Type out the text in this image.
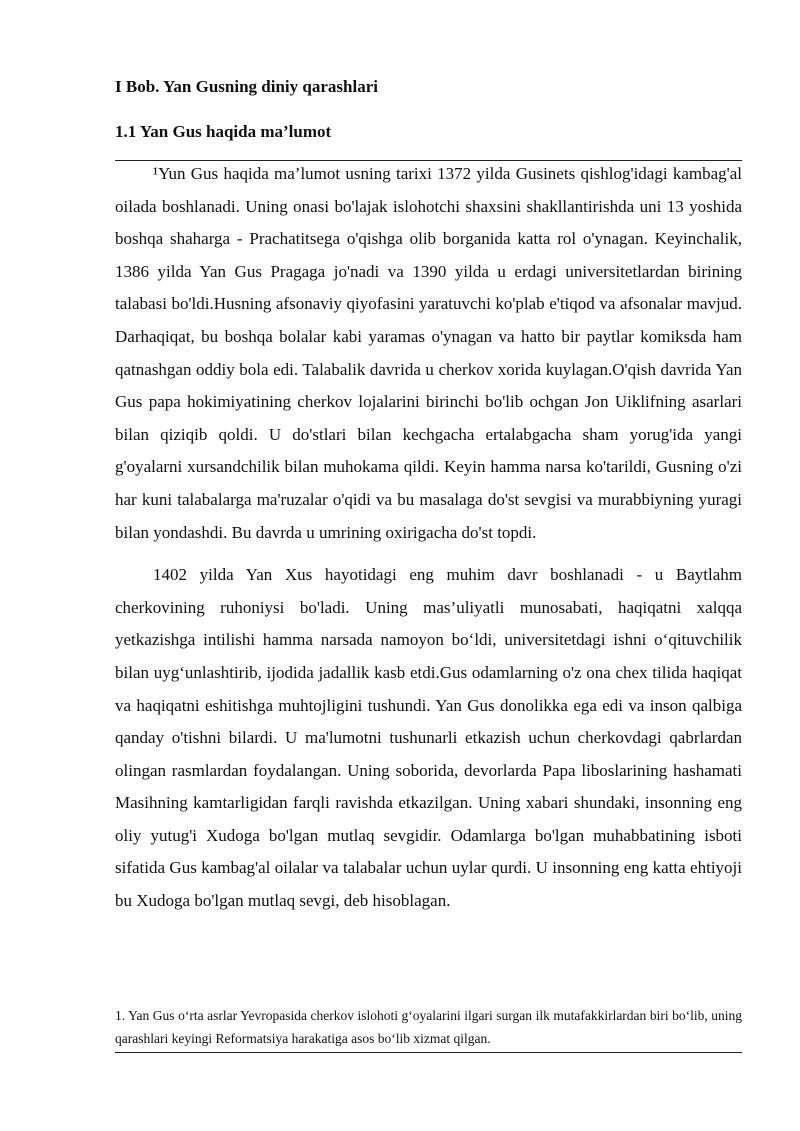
I Bob. Yan Gusning diniy qarashlari
1.1 Yan Gus haqida ma’lumot

¹Yun Gus haqida ma’lumot usning tarixi 1372 yilda Gusinets qishlog'idagi kambag'al oilada boshlanadi. Uning onasi bo'lajak islohotchi shaxsini shakllantirishda uni 13 yoshida boshqa shaharga - Prachatitsega o'qishga olib borganida katta rol o'ynagan. Keyinchalik, 1386 yilda Yan Gus Pragaga jo'nadi va 1390 yilda u erdagi universitetlardan birining talabasi bo'ldi.Husning afsonaviy qiyofasini yaratuvchi ko'plab e'tiqod va afsonalar mavjud. Darhaqiqat, bu boshqa bolalar kabi yaramas o'ynagan va hatto bir paytlar komiksda ham qatnashgan oddiy bola edi. Talabalik davrida u cherkov xorida kuylagan.O'qish davrida Yan Gus papa hokimiyatining cherkov lojalarini birinchi bo'lib ochgan Jon Uiklifning asarlari bilan qiziqib qoldi. U do'stlari bilan kechgacha ertalabgacha sham yorug'ida yangi g'oyalarni xursandchilik bilan muhokama qildi. Keyin hamma narsa ko'tarildi, Gusning o'zi har kuni talabalarga ma'ruzalar o'qidi va bu masalaga do'st sevgisi va murabbiyning yuragi bilan yondashdi. Bu davrda u umrining oxirigacha do'st topdi.

1402 yilda Yan Xus hayotidagi eng muhim davr boshlanadi - u Baytlahm cherkovining ruhoniysi bo'ladi. Uning mas’uliyatli munosabati, haqiqatni xalqqa yetkazishga intilishi hamma narsada namoyon bo‘ldi, universitetdagi ishni o‘qituvchilik bilan uyg‘unlashtirib, ijodida jadallik kasb etdi.Gus odamlarning o'z ona chex tilida haqiqat va haqiqatni eshitishga muhtojligini tushundi. Yan Gus donolikka ega edi va inson qalbiga qanday o'tishni bilardi. U ma'lumotni tushunarli etkazish uchun cherkovdagi qabrlardan olingan rasmlardan foydalangan. Uning soborida, devorlarda Papa liboslarining hashamati Masihning kamtarligidan farqli ravishda etkazilgan. Uning xabari shundaki, insonning eng oliy yutug'i Xudoga bo'lgan mutlaq sevgidir. Odamlarga bo'lgan muhabbatining isboti sifatida Gus kambag'al oilalar va talabalar uchun uylar qurdi. U insonning eng katta ehtiyoji bu Xudoga bo'lgan mutlaq sevgi, deb hisoblagan.

1. Yan Gus o‘rta asrlar Yevropasida cherkov islohoti g‘oyalarini ilgari surgan ilk mutafakkirlardan biri bo‘lib, uning qarashlari keyingi Reformatsiya harakatiga asos bo‘lib xizmat qilgan.
